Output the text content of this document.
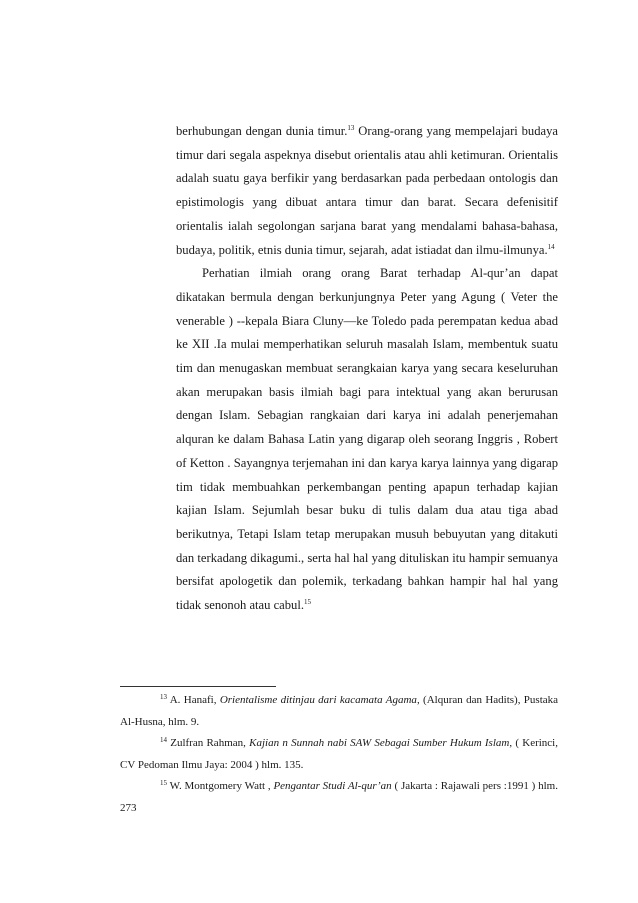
berhubungan dengan dunia timur.$^{13}$ Orang-orang yang mempelajari budaya timur dari segala aspeknya disebut orientalis atau ahli ketimuran. Orientalis adalah suatu gaya berfikir yang berdasarkan pada perbedaan ontologis dan epistimologis yang dibuat antara timur dan barat. Secara defenisitif orientalis ialah segolongan sarjana barat yang mendalami bahasa-bahasa, budaya, politik, etnis dunia timur, sejarah, adat istiadat dan ilmu-ilmunya.$^{14}$

Perhatian ilmiah orang orang Barat terhadap Al-qur’an dapat dikatakan bermula dengan berkunjungnya Peter yang Agung ( Veter the venerable ) --kepala Biara Cluny—ke Toledo pada perempatan kedua abad ke XII .Ia mulai memperhatikan seluruh masalah Islam, membentuk suatu tim dan menugaskan membuat serangkaian karya yang secara keseluruhan akan merupakan basis ilmiah bagi para intektual yang akan berurusan dengan Islam. Sebagian rangkaian dari karya ini adalah penerjemahan alquran ke dalam Bahasa Latin yang digarap oleh seorang Inggris , Robert of Ketton . Sayangnya terjemahan ini dan karya karya lainnya yang digarap tim tidak membuahkan perkembangan penting apapun terhadap kajian kajian Islam. Sejumlah besar buku di tulis dalam dua atau tiga abad berikutnya, Tetapi Islam tetap merupakan musuh bebuyutan yang ditakuti dan terkadang dikagumi., serta hal hal yang dituliskan itu hampir semuanya bersifat apologetik dan polemik, terkadang bahkan hampir hal hal yang tidak senonoh atau cabul.$^{15}$

$^{13}$ A. Hanafi, Orientalisme ditinjau dari kacamata Agama, (Alquran dan Hadits), Pustaka Al-Husna, hlm. 9.

$^{14}$ Zulfran Rahman, Kajian n Sunnah nabi SAW Sebagai Sumber Hukum Islam, ( Kerinci, CV Pedoman Ilmu Jaya: 2004 ) hlm. 135.

$^{15}$ W. Montgomery Watt , Pengantar Studi Al-qur’an ( Jakarta : Rajawali pers :1991 ) hlm. 273
